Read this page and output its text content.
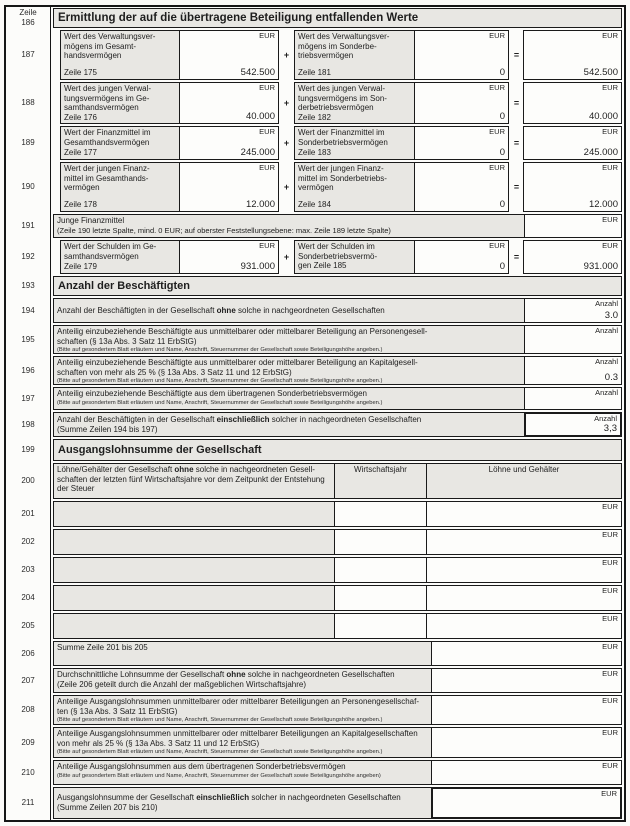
Zeile
186	Ermittlung der auf die übertragene Beteiligung entfallenden Werte
187
Wert des Verwaltungsver-
mögens im Gesamt-
handsvermögen
Zeile 175
EUR
542.500
+
Wert des Verwaltungsver-
mögens im Sonderbe-
triebsvermögen
Zeile 181
EUR
0
=
EUR
542.500
188
Wert des jungen Verwal-
tungsvermögens im Ge-
samthandsvermögen
Zeile 176
EUR
40.000
+
Wert des jungen Verwal-
tungsvermögens im Son-
derbetriebsvermögen
Zeile 182
EUR
0
=
EUR
40.000
189
Wert der Finanzmittel im
Gesamthandsvermögen
Zeile 177
EUR
245.000
+
Wert der Finanzmittel im
Sonderbetriebsvermögen
Zeile 183
EUR
0
=
EUR
245.000
190
Wert der jungen Finanz-
mittel im Gesamthands-
vermögen
Zeile 178
EUR
12.000
+
Wert der jungen Finanz-
mittel im Sonderbetriebs-
vermögen
Zeile 184
EUR
0
=
EUR
12.000
191
Junge Finanzmittel
(Zeile 190 letzte Spalte, mind. 0 EUR; auf oberster Feststellungsebene: max. Zeile 189 letzte Spalte)
EUR
192
Wert der Schulden im Ge-
samthandsvermögen
Zeile 179
EUR
931.000
+
Wert der Schulden im
Sonderbetriebsvermö-
gen Zeile 185
EUR
0
=
EUR
931.000
193	Anzahl der Beschäftigten
194	Anzahl der Beschäftigten in der Gesellschaft ohne solche in nachgeordneten Gesellschaften
Anzahl
3.0
195
Anteilig einzubeziehende Beschäftigte aus unmittelbarer oder mittelbarer Beteiligung an Personengesell-
schaften (§ 13a Abs. 3 Satz 11 ErbStG)
(Bitte auf gesondertem Blatt erläutern und Name, Anschrift, Steuernummer der Gesellschaft sowie Beteiligungshöhe angeben.)
Anzahl
196
Anteilig einzubeziehende Beschäftigte aus unmittelbarer oder mittelbarer Beteiligung an Kapitalgesell-
schaften von mehr als 25 % (§ 13a Abs. 3 Satz 11 und 12 ErbStG)
(Bitte auf gesondertem Blatt erläutern und Name, Anschrift, Steuernummer der Gesellschaft sowie Beteiligungshöhe angeben.)
Anzahl
0.3
197	Anteilig einzubeziehende Beschäftigte aus dem übertragenen Sonderbetriebsvermögen
(Bitte auf gesondertem Blatt erläutern und Name, Anschrift, Steuernummer der Gesellschaft sowie Beteiligungshöhe angeben.)
Anzahl
198
Anzahl der Beschäftigten in der Gesellschaft einschließlich solcher in nachgeordneten Gesellschaften
(Summe Zeilen 194 bis 197)
Anzahl
3,3
199	Ausgangslohnsumme der Gesellschaft
200
Löhne/Gehälter der Gesellschaft ohne solche in nachgeordneten Gesell-
schaften der letzten fünf Wirtschaftsjahre vor dem Zeitpunkt der Entstehung
der Steuer
Wirtschaftsjahr	Löhne und Gehälter
201
EUR
202
EUR
203
EUR
204
EUR
205
EUR
206
Summe Zeile 201 bis 205	EUR
207
Durchschnittliche Lohnsumme der Gesellschaft ohne solche in nachgeordneten Gesellschaften
(Zeile 206 geteilt durch die Anzahl der maßgeblichen Wirtschaftsjahre)
EUR
208
Anteilige Ausgangslohnsummen unmittelbarer oder mittelbarer Beteiligungen an Personengesellschaf-
ten (§ 13a Abs. 3 Satz 11 ErbStG)
(Bitte auf gesondertem Blatt erläutern und Name, Anschrift, Steuernummer der Gesellschaft sowie Beteiligungshöhe angeben.)
EUR
209
Anteilige Ausgangslohnsummen unmittelbarer oder mittelbarer Beteiligungen an Kapitalgesellschaften
von mehr als 25 % (§ 13a Abs. 3 Satz 11 und 12 ErbStG)
(Bitte auf gesondertem Blatt erläutern und Name, Anschrift, Steuernummer der Gesellschaft sowie Beteiligungshöhe angeben.)
EUR
210
Anteilige Ausgangslohnsummen aus dem übertragenen Sonderbetriebsvermögen
(Bitte auf gesondertem Blatt erläutern und Name, Anschrift, Steuernummer der Gesellschaft sowie Beteiligungshöhe angeben)
EUR
211
Ausgangslohnsumme der Gesellschaft einschließlich solcher in nachgeordneten Gesellschaften
(Summe Zeilen 207 bis 210)
EUR
